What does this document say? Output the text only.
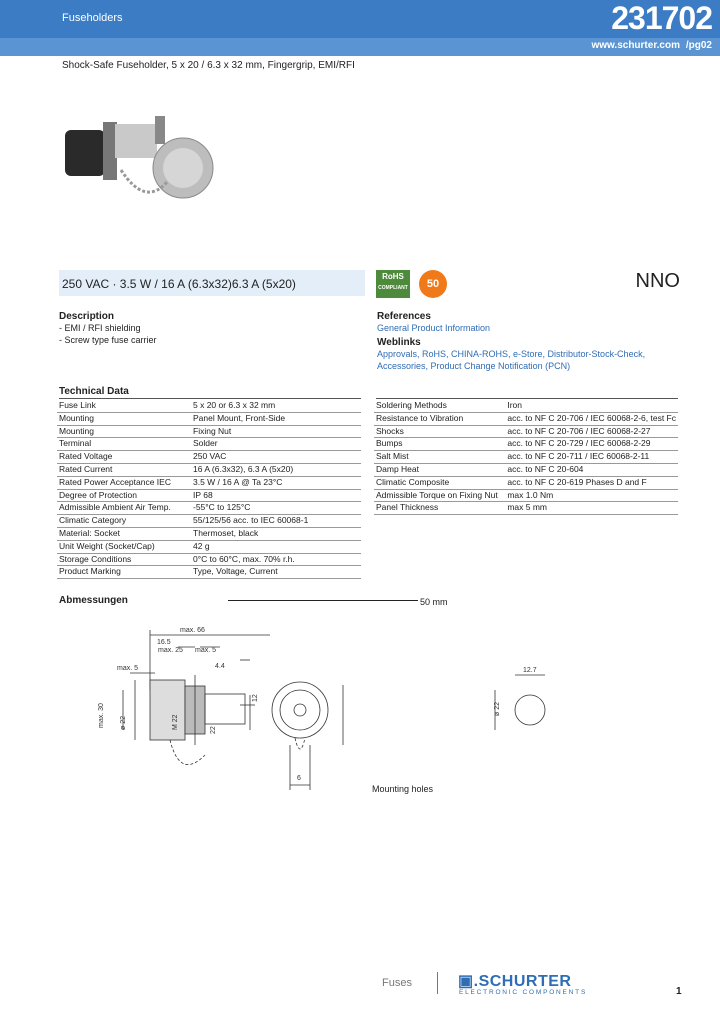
Fuseholders	231702
www.schurter.com /pg02
Shock-Safe Fuseholder, 5 x 20 / 6.3 x 32 mm, Fingergrip, EMI/RFI
250 VAC · 3.5 W / 16 A (6.3x32)6.3 A (5x20)
RoHS
COMPLIANT	50	NNO
Description
- EMI / RFI shielding
- Screw type fuse carrier
References
General Product Information
Weblinks
Approvals, RoHS, CHINA-ROHS, e-Store, Distributor-Stock-Check,
Accessories, Product Change Notification (PCN)
Technical Data
Fuse Link	5 x 20 or 6.3 x 32 mm
Mounting	Panel Mount, Front-Side
Mounting	Fixing Nut
Terminal	Solder
Rated Voltage	250 VAC
Rated Current	16 A (6.3x32), 6.3 A (5x20)
Rated Power Acceptance IEC	3.5 W / 16 A @ Ta 23°C
Degree of Protection	IP 68
Admissible Ambient Air Temp.	-55°C to 125°C
Climatic Category	55/125/56 acc. to IEC 60068-1
Material: Socket	Thermoset, black
Unit Weight (Socket/Cap)	42 g
Storage Conditions	0°C to 60°C, max. 70% r.h.
Product Marking	Type, Voltage, Current
Soldering Methods	Iron
Resistance to Vibration	acc. to NF C 20-706 / IEC 60068-2-6, test Fc
Shocks	acc. to NF C 20-706 / IEC 60068-2-27
Bumps	acc. to NF C 20-729 / IEC 60068-2-29
Salt Mist	acc. to NF C 20-711 / IEC 60068-2-11
Damp Heat	acc. to NF C 20-604
Climatic Composite	acc. to NF C 20-619 Phases D and F
Admissible Torque on Fixing Nut	max 1.0 Nm
Panel Thickness	max 5 mm
Abmessungen	50 mm
max. 66
max. 25 max. 5
16.5
4.4
max. 5
max. 30 ø 22	M 22
12
22
6
12.7
ø 22
Mounting holes
Fuses	▣.SCHURTER
ELECTRONIC COMPONENTS	1
